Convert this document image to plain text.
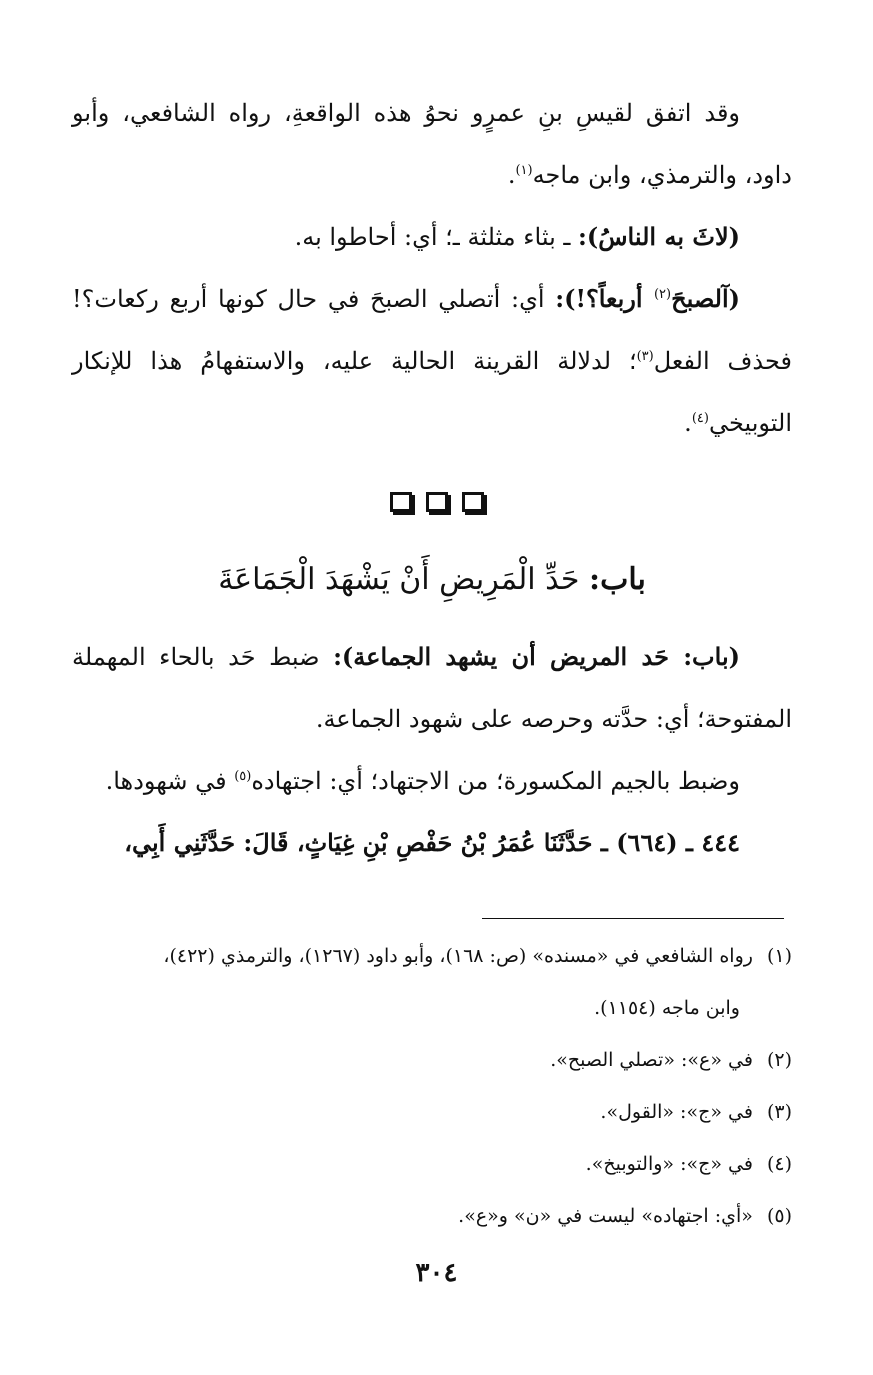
وقد اتفق لقيسِ بنِ عمرٍو نحوُ هذه الواقعةِ، رواه الشافعي، وأبو داود، والترمذي، وابن ماجه$^{(١)}$.

(لاثَ به الناسُ): ـ بثاء مثلثة ـ؛ أي: أحاطوا به.

(آلصبحَ$^{(٢)}$ أربعاً؟!): أي: أتصلي الصبحَ في حال كونها أربع ركعات؟! فحذف الفعل$^{(٣)}$؛ لدلالة القرينة الحالية عليه، والاستفهامُ هذا للإنكار التوبيخي$^{(٤)}$.

باب: حَدِّ الْمَرِيضِ أَنْ يَشْهَدَ الْجَمَاعَةَ

(باب: حَد المريض أن يشهد الجماعة): ضبط حَد بالحاء المهملة المفتوحة؛ أي: حدَّته وحرصه على شهود الجماعة.

وضبط بالجيم المكسورة؛ من الاجتهاد؛ أي: اجتهاده$^{(٥)}$ في شهودها.

٤٤٤ ـ (٦٦٤) ـ حَدَّثَنَا عُمَرُ بْنُ حَفْصِ بْنِ غِيَاثٍ، قَالَ: حَدَّثَنِي أَبِي،

(١)رواه الشافعي في «مسنده» (ص: ١٦٨)، وأبو داود (١٢٦٧)، والترمذي (٤٢٢)،

وابن ماجه (١١٥٤).

(٢)في «ع»: «تصلي الصبح».

(٣)في «ج»: «القول».

(٤)في «ج»: «والتوبيخ».

(٥)«أي: اجتهاده» ليست في «ن» و«ع».

٣٠٤
